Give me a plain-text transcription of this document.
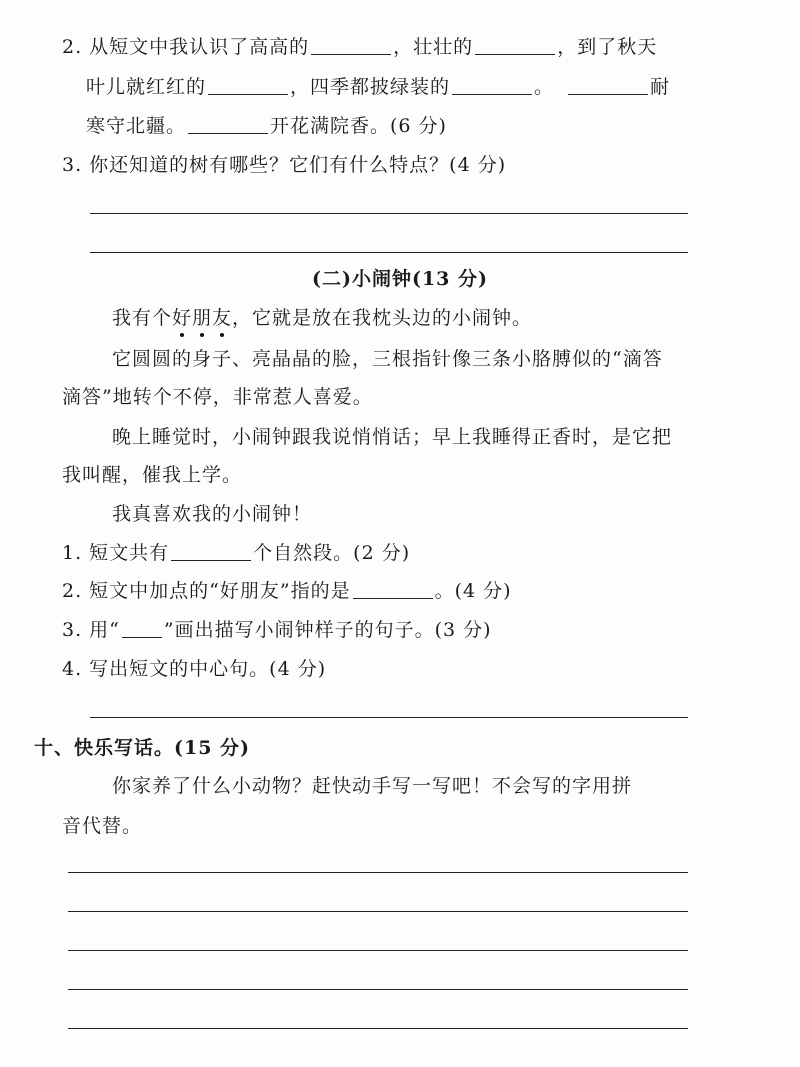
2. 从短文中我认识了高高的	，壮壮的	，到了秋天
叶儿就红红的	，四季都披绿装的	。	耐
寒守北疆。	开花满院香。(6 分)
3. 你还知道的树有哪些？它们有什么特点？(4 分)
(二)小闹钟(13 分)
我有个好朋友
，它就是放在我枕头边的小闹钟。
它圆圆的身子、亮晶晶的脸，三根指针像三条小胳膊似的“滴答
滴答”地转个不停，非常惹人喜爱。
晚上睡觉时，小闹钟跟我说悄悄话；早上我睡得正香时，是它把
我叫醒，催我上学。
我真喜欢我的小闹钟！
1. 短文共有	个自然段。(2 分)
2. 短文中加点的“好朋友”指的是	。(4 分)
3. 用“ ”画出描写小闹钟样子的句子。(3 分)
4. 写出短文的中心句。(4 分)
十、快乐写话。(15 分)
你家养了什么小动物？赶快动手写一写吧！不会写的字用拼
音代替。
